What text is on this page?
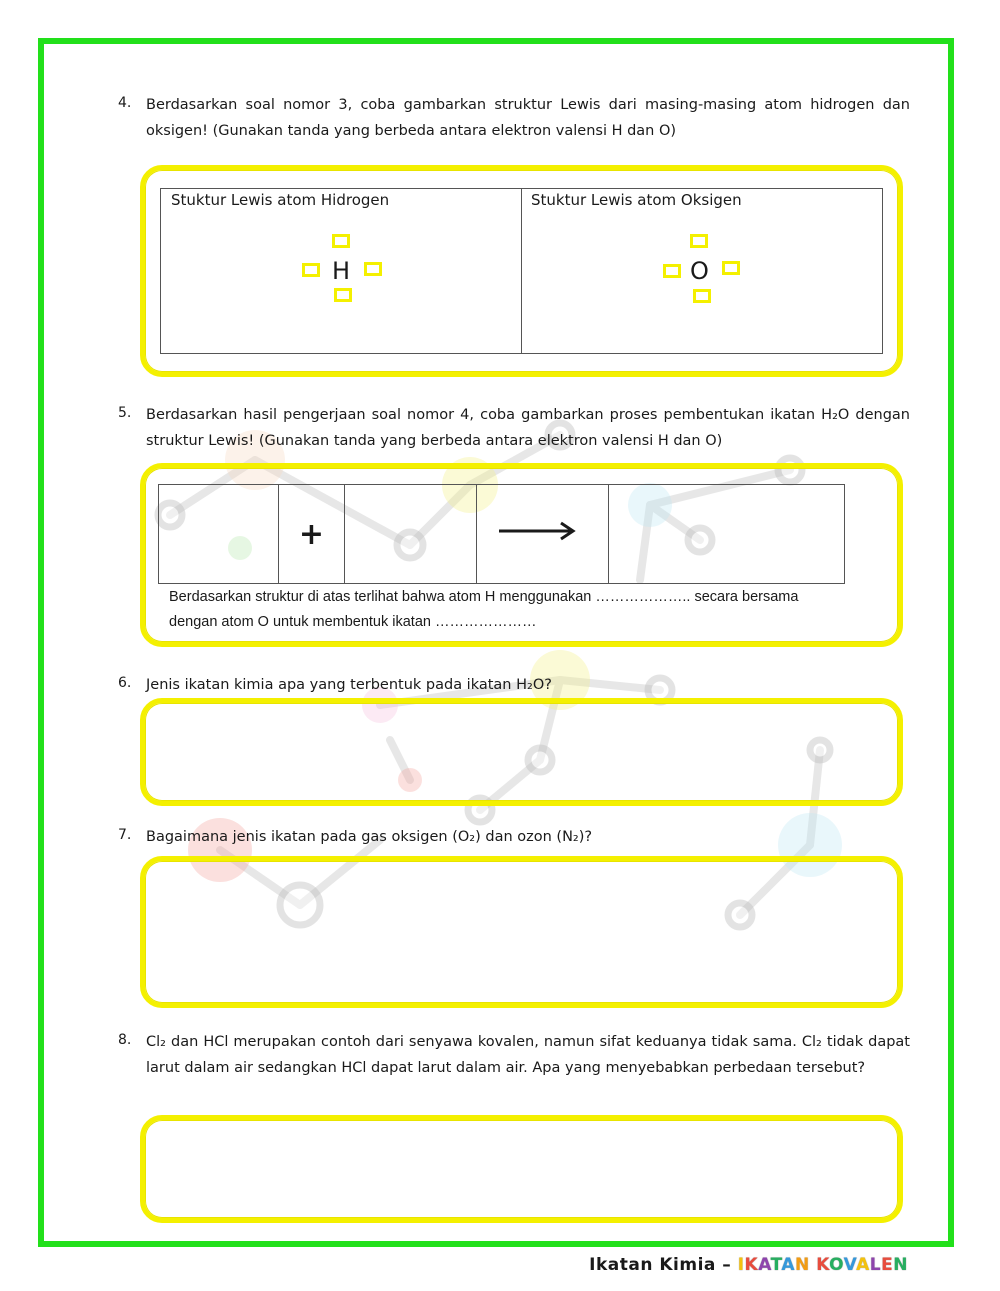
4. Berdasarkan soal nomor 3, coba gambarkan struktur Lewis dari masing-masing atom hidrogen dan oksigen! (Gunakan tanda yang berbeda antara elektron valensi H dan O)
Stuktur Lewis atom Hidrogen
H
Stuktur Lewis atom Oksigen
O
5. Berdasarkan hasil pengerjaan soal nomor 4, coba gambarkan proses pembentukan ikatan H₂O dengan struktur Lewis! (Gunakan tanda yang berbeda antara elektron valensi H dan O)
+
Berdasarkan struktur di atas terlihat bahwa atom H menggunakan ……………….. secara bersama
dengan atom O untuk membentuk ikatan …………………
6. Jenis ikatan kimia apa yang terbentuk pada ikatan H₂O?
7. Bagaimana jenis ikatan pada gas oksigen (O₂) dan ozon (N₂)?
8. Cl₂ dan HCl merupakan contoh dari senyawa kovalen, namun sifat keduanya tidak sama. Cl₂ tidak dapat larut dalam air sedangkan HCl dapat larut dalam air. Apa yang menyebabkan perbedaan tersebut?
Ikatan Kimia – IKATAN KOVALEN
